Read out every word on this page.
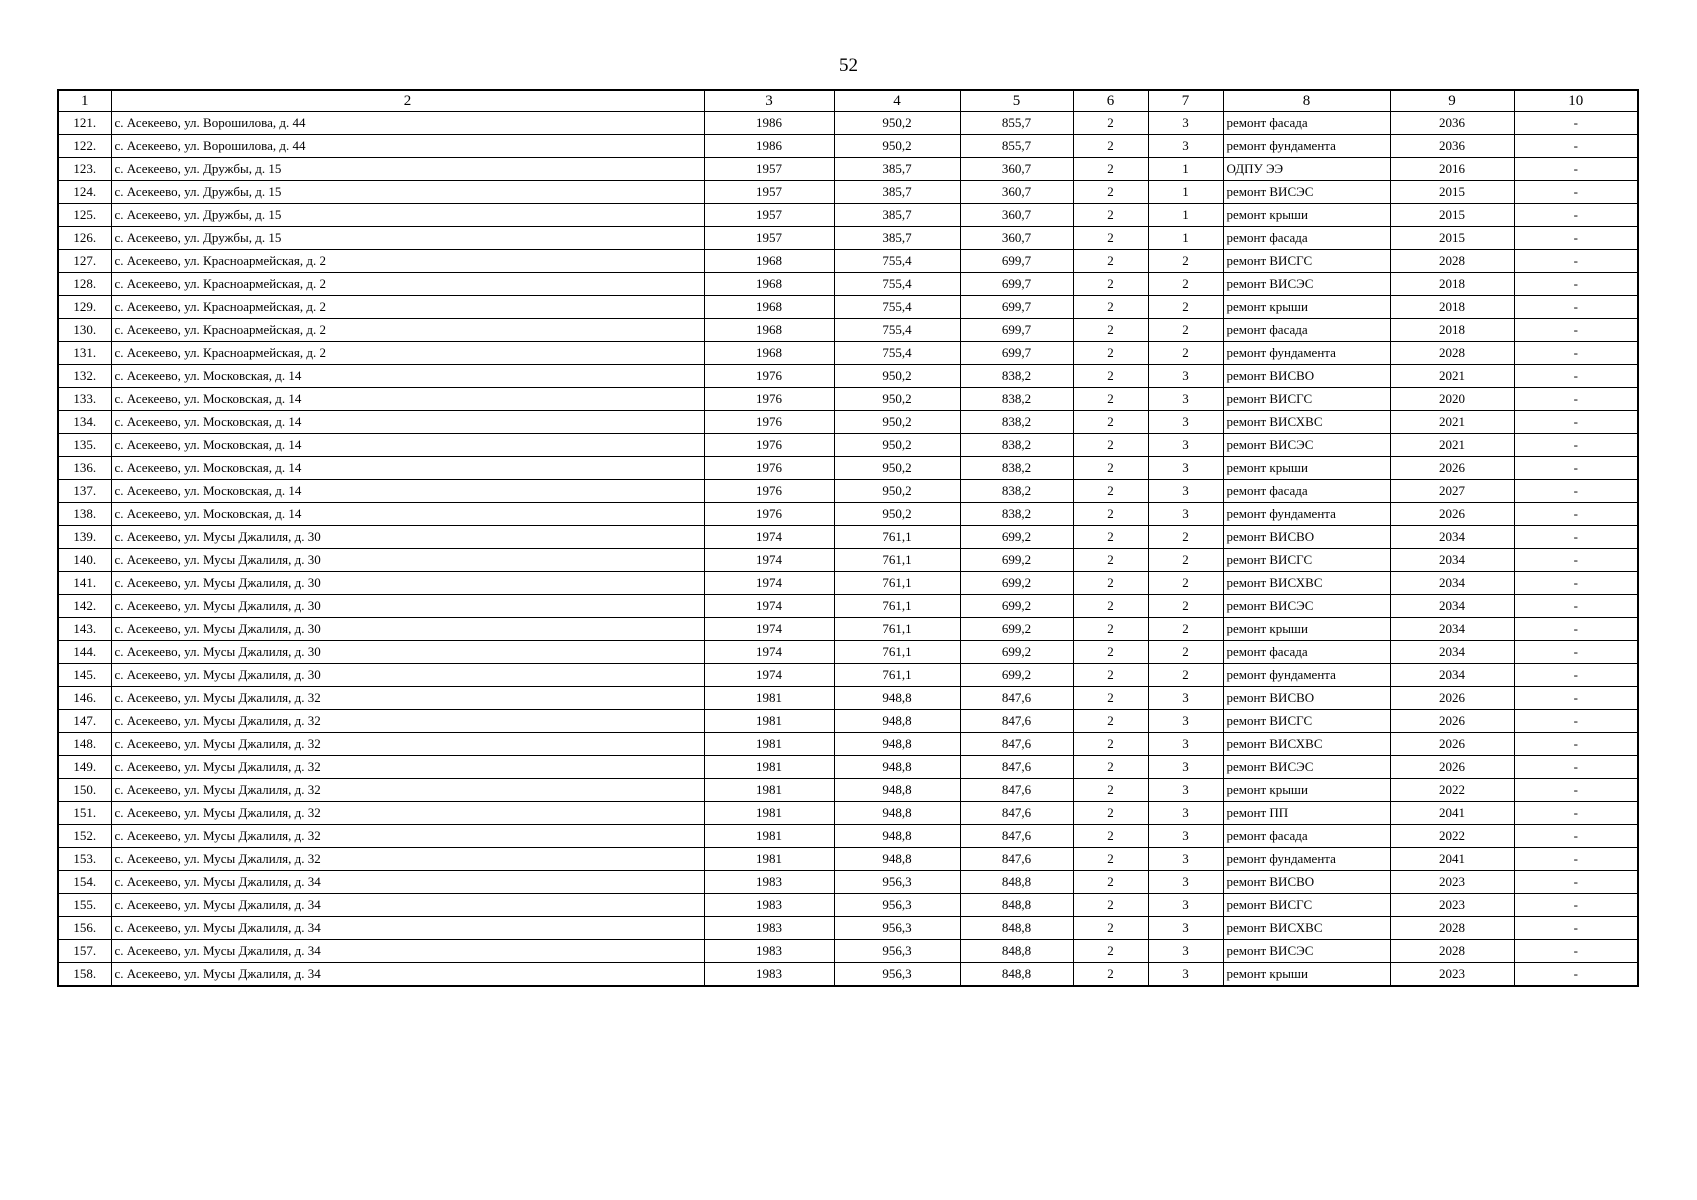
52
1	2	3	4	5	6	7	8	9	10
121.	с. Асекеево, ул. Ворошилова, д. 44	1986	950,2	855,7	2	3	ремонт фасада	2036	-
122.	с. Асекеево, ул. Ворошилова, д. 44	1986	950,2	855,7	2	3	ремонт фундамента	2036	-
123.	с. Асекеево, ул. Дружбы, д. 15	1957	385,7	360,7	2	1	ОДПУ ЭЭ	2016	-
124.	с. Асекеево, ул. Дружбы, д. 15	1957	385,7	360,7	2	1	ремонт ВИСЭС	2015	-
125.	с. Асекеево, ул. Дружбы, д. 15	1957	385,7	360,7	2	1	ремонт крыши	2015	-
126.	с. Асекеево, ул. Дружбы, д. 15	1957	385,7	360,7	2	1	ремонт фасада	2015	-
127.	с. Асекеево, ул. Красноармейская, д. 2	1968	755,4	699,7	2	2	ремонт ВИСГС	2028	-
128.	с. Асекеево, ул. Красноармейская, д. 2	1968	755,4	699,7	2	2	ремонт ВИСЭС	2018	-
129.	с. Асекеево, ул. Красноармейская, д. 2	1968	755,4	699,7	2	2	ремонт крыши	2018	-
130.	с. Асекеево, ул. Красноармейская, д. 2	1968	755,4	699,7	2	2	ремонт фасада	2018	-
131.	с. Асекеево, ул. Красноармейская, д. 2	1968	755,4	699,7	2	2	ремонт фундамента	2028	-
132.	с. Асекеево, ул. Московская, д. 14	1976	950,2	838,2	2	3	ремонт ВИСВО	2021	-
133.	с. Асекеево, ул. Московская, д. 14	1976	950,2	838,2	2	3	ремонт ВИСГС	2020	-
134.	с. Асекеево, ул. Московская, д. 14	1976	950,2	838,2	2	3	ремонт ВИСХВС	2021	-
135.	с. Асекеево, ул. Московская, д. 14	1976	950,2	838,2	2	3	ремонт ВИСЭС	2021	-
136.	с. Асекеево, ул. Московская, д. 14	1976	950,2	838,2	2	3	ремонт крыши	2026	-
137.	с. Асекеево, ул. Московская, д. 14	1976	950,2	838,2	2	3	ремонт фасада	2027	-
138.	с. Асекеево, ул. Московская, д. 14	1976	950,2	838,2	2	3	ремонт фундамента	2026	-
139.	с. Асекеево, ул. Мусы Джалиля, д. 30	1974	761,1	699,2	2	2	ремонт ВИСВО	2034	-
140.	с. Асекеево, ул. Мусы Джалиля, д. 30	1974	761,1	699,2	2	2	ремонт ВИСГС	2034	-
141.	с. Асекеево, ул. Мусы Джалиля, д. 30	1974	761,1	699,2	2	2	ремонт ВИСХВС	2034	-
142.	с. Асекеево, ул. Мусы Джалиля, д. 30	1974	761,1	699,2	2	2	ремонт ВИСЭС	2034	-
143.	с. Асекеево, ул. Мусы Джалиля, д. 30	1974	761,1	699,2	2	2	ремонт крыши	2034	-
144.	с. Асекеево, ул. Мусы Джалиля, д. 30	1974	761,1	699,2	2	2	ремонт фасада	2034	-
145.	с. Асекеево, ул. Мусы Джалиля, д. 30	1974	761,1	699,2	2	2	ремонт фундамента	2034	-
146.	с. Асекеево, ул. Мусы Джалиля, д. 32	1981	948,8	847,6	2	3	ремонт ВИСВО	2026	-
147.	с. Асекеево, ул. Мусы Джалиля, д. 32	1981	948,8	847,6	2	3	ремонт ВИСГС	2026	-
148.	с. Асекеево, ул. Мусы Джалиля, д. 32	1981	948,8	847,6	2	3	ремонт ВИСХВС	2026	-
149.	с. Асекеево, ул. Мусы Джалиля, д. 32	1981	948,8	847,6	2	3	ремонт ВИСЭС	2026	-
150.	с. Асекеево, ул. Мусы Джалиля, д. 32	1981	948,8	847,6	2	3	ремонт крыши	2022	-
151.	с. Асекеево, ул. Мусы Джалиля, д. 32	1981	948,8	847,6	2	3	ремонт ПП	2041	-
152.	с. Асекеево, ул. Мусы Джалиля, д. 32	1981	948,8	847,6	2	3	ремонт фасада	2022	-
153.	с. Асекеево, ул. Мусы Джалиля, д. 32	1981	948,8	847,6	2	3	ремонт фундамента	2041	-
154.	с. Асекеево, ул. Мусы Джалиля, д. 34	1983	956,3	848,8	2	3	ремонт ВИСВО	2023	-
155.	с. Асекеево, ул. Мусы Джалиля, д. 34	1983	956,3	848,8	2	3	ремонт ВИСГС	2023	-
156.	с. Асекеево, ул. Мусы Джалиля, д. 34	1983	956,3	848,8	2	3	ремонт ВИСХВС	2028	-
157.	с. Асекеево, ул. Мусы Джалиля, д. 34	1983	956,3	848,8	2	3	ремонт ВИСЭС	2028	-
158.	с. Асекеево, ул. Мусы Джалиля, д. 34	1983	956,3	848,8	2	3	ремонт крыши	2023	-
